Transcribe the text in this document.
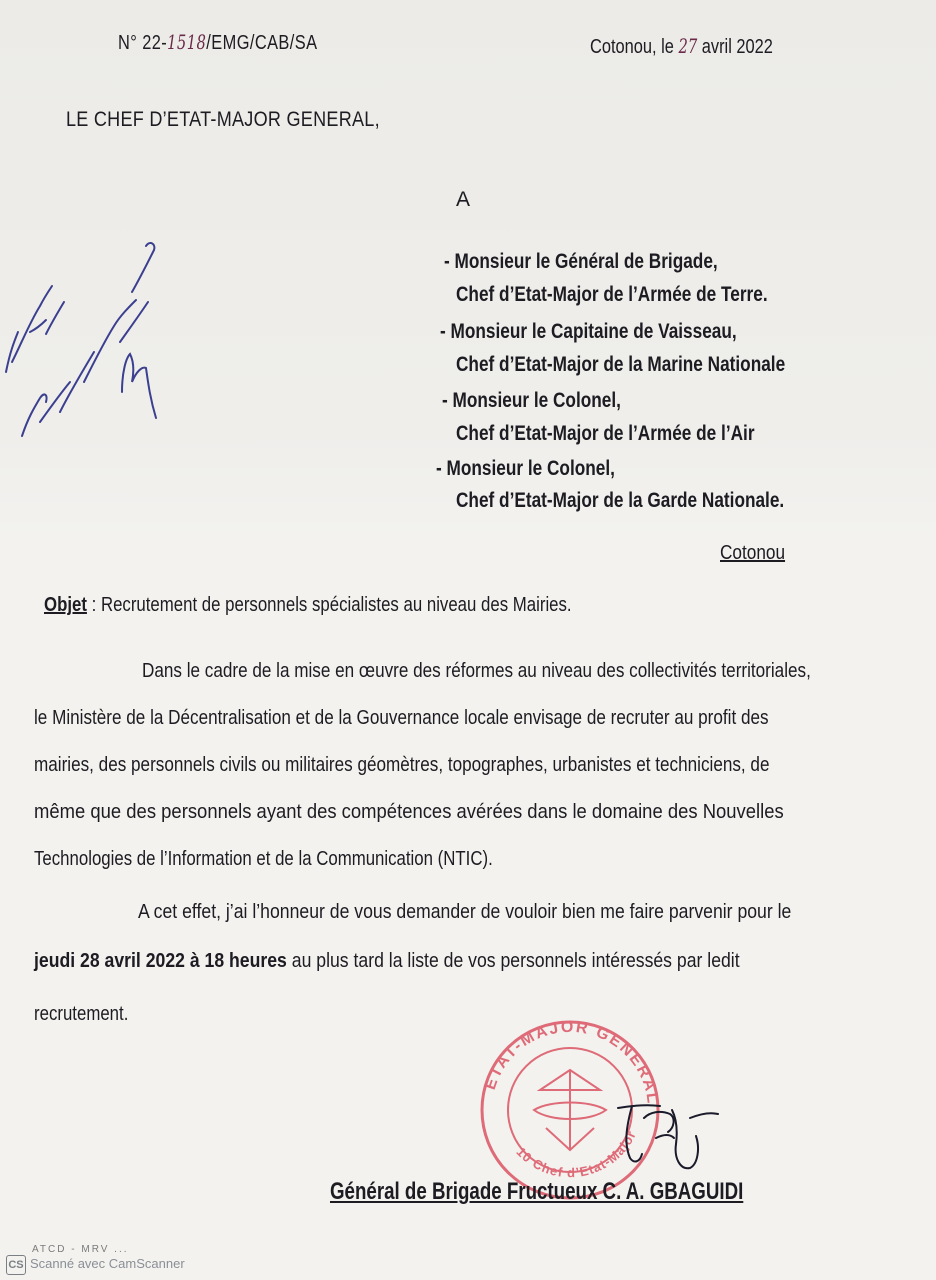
N° 22-1518/EMG/CAB/SA	Cotonou, le 27 avril 2022
LE CHEF D’ETAT-MAJOR GENERAL,
A
- Monsieur le Général de Brigade,
Chef d’Etat-Major de l’Armée de Terre.
- Monsieur le Capitaine de Vaisseau,
Chef d’Etat-Major de la Marine Nationale
- Monsieur le Colonel,
Chef d’Etat-Major de l’Armée de l’Air
- Monsieur le Colonel,
Chef d’Etat-Major de la Garde Nationale.
Cotonou
Objet : Recrutement de personnels spécialistes au niveau des Mairies.
Dans le cadre de la mise en œuvre des réformes au niveau des collectivités territoriales,
le Ministère de la Décentralisation et de la Gouvernance locale envisage de recruter au profit des
mairies, des personnels civils ou militaires géomètres, topographes, urbanistes et techniciens, de
même que des personnels ayant des compétences avérées dans le domaine des Nouvelles
Technologies de l’Information et de la Communication (NTIC).
A cet effet, j’ai l’honneur de vous demander de vouloir bien me faire parvenir pour le
jeudi 28 avril 2022 à 18 heures au plus tard la liste de vos personnels intéressés par ledit
recrutement.
ETAT-MAJOR GENERAL
10 Chef d’Etat-Major
Général de Brigade Fructueux C. A. GBAGUIDI
CS Scanné avec CamScanner
ATCD - MRV ...
